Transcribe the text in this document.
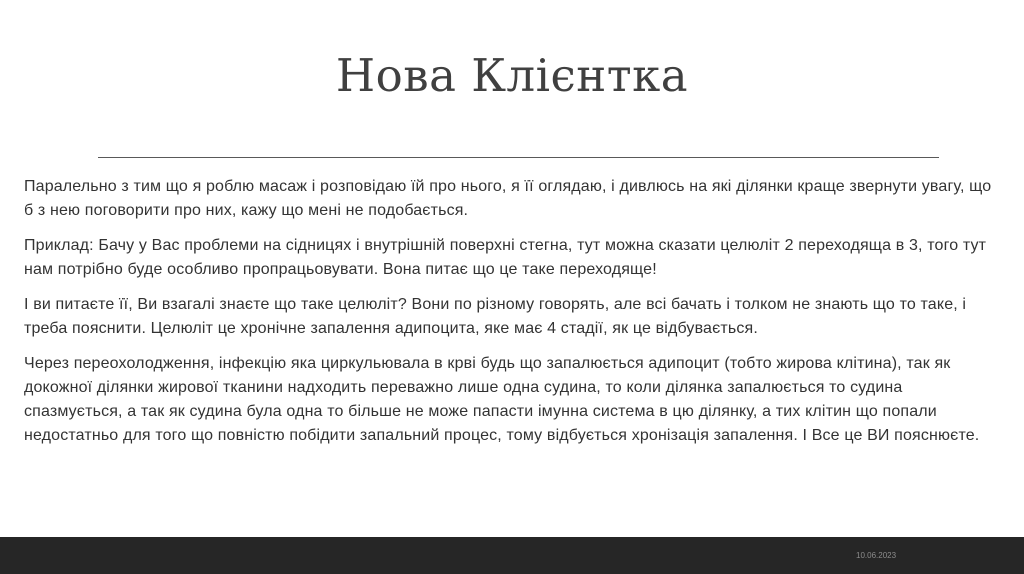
Нова Клієнтка

Паралельно з тим що я роблю масаж і розповідаю їй про нього, я її оглядаю, і дивлюсь на які ділянки краще звернути увагу, що б з нею поговорити про них, кажу що мені не подобається.

Приклад: Бачу у Вас проблеми на сідницях і внутрішній поверхні стегна, тут можна сказати целюліт 2 переходяща в 3, того тут нам потрібно буде особливо пропрацьовувати. Вона питає що це таке переходяще!

І ви питаєте її, Ви взагалі знаєте що таке целюліт? Вони по різному говорять, але всі бачать і толком не знають що то таке, і треба пояснити. Целюліт це хронічне запалення адипоцита, яке має 4 стадії, як це відбувається.

Через переохолодження, інфекцію яка циркульювала в крві будь що запалюється адипоцит (тобто жирова клітина), так як докожної ділянки жирової тканини надходить переважно лише одна судина, то коли ділянка запалюється то судина спазмується, а так як судина була одна то більше не може папасти імунна система в цю ділянку, а тих клітин що попали недостатньо для того що повністю побідити запальний процес, тому відбується хронізація запалення. І Все це ВИ пояснюєте.

10.06.2023
